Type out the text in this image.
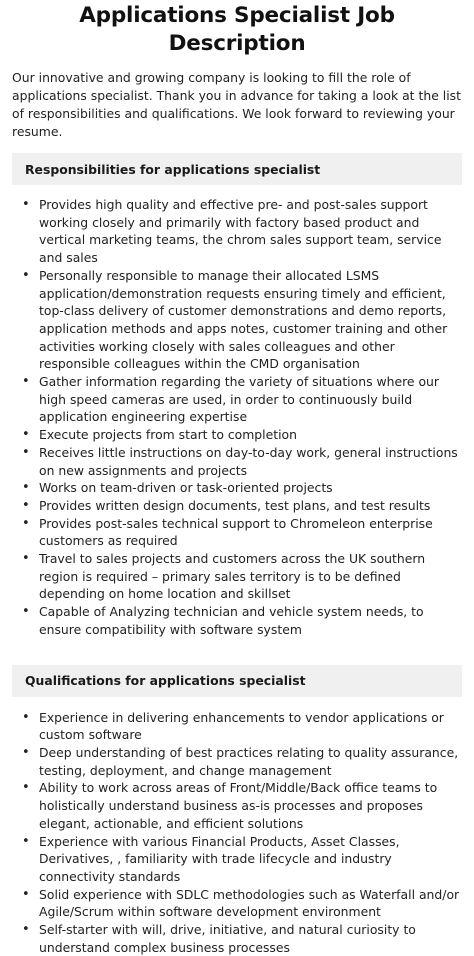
Applications Specialist Job Description

Our innovative and growing company is looking to fill the role of applications specialist. Thank you in advance for taking a look at the list of responsibilities and qualifications. We look forward to reviewing your resume.

Responsibilities for applications specialist
• Provides high quality and effective pre- and post-sales support working closely and primarily with factory based product and vertical marketing teams, the chrom sales support team, service and sales
• Personally responsible to manage their allocated LSMS application/demonstration requests ensuring timely and efficient, top-class delivery of customer demonstrations and demo reports, application methods and apps notes, customer training and other activities working closely with sales colleagues and other responsible colleagues within the CMD organisation
• Gather information regarding the variety of situations where our high speed cameras are used, in order to continuously build application engineering expertise
• Execute projects from start to completion
• Receives little instructions on day-to-day work, general instructions on new assignments and projects
• Works on team-driven or task-oriented projects
• Provides written design documents, test plans, and test results
• Provides post-sales technical support to Chromeleon enterprise customers as required
• Travel to sales projects and customers across the UK southern region is required – primary sales territory is to be defined depending on home location and skillset
• Capable of Analyzing technician and vehicle system needs, to ensure compatibility with software system
Qualifications for applications specialist
• Experience in delivering enhancements to vendor applications or custom software
• Deep understanding of best practices relating to quality assurance, testing, deployment, and change management
• Ability to work across areas of Front/Middle/Back office teams to holistically understand business as-is processes and proposes elegant, actionable, and efficient solutions
• Experience with various Financial Products, Asset Classes, Derivatives, , familiarity with trade lifecycle and industry connectivity standards
• Solid experience with SDLC methodologies such as Waterfall and/or Agile/Scrum within software development environment
• Self-starter with will, drive, initiative, and natural curiosity to understand complex business processes
